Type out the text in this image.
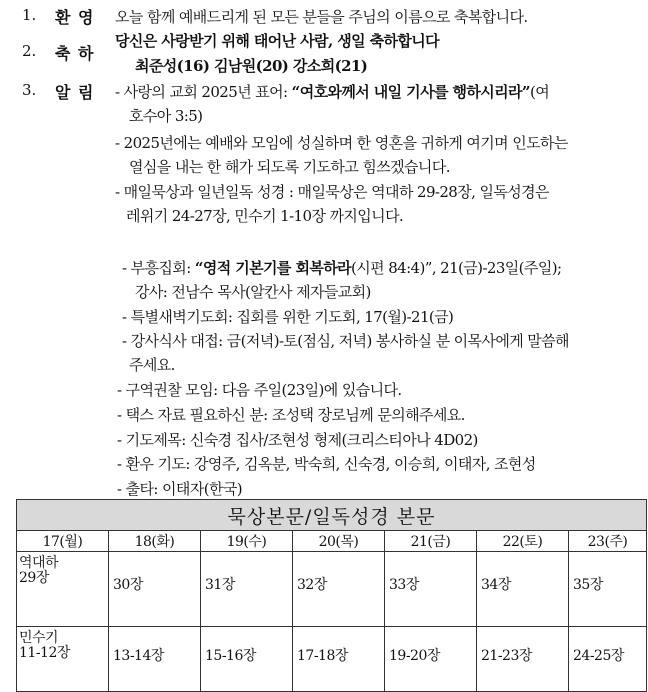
1. 환 영 오늘 함께 예배드리게 된 모든 분들을 주님의 이름으로 축복합니다.
2. 축 하
당신은 사랑받기 위해 태어난 사람, 생일 축하합니다
최준성(16) 김남원(20) 강소희(21)
3. 알 림 - 사랑의 교회 2025년 표어: “여호와께서 내일 기사를 행하시리라”(여
호수아 3:5)
- 2025년에는 예배와 모임에 성실하며 한 영혼을 귀하게 여기며 인도하는
열심을 내는 한 해가 되도록 기도하고 힘쓰겠습니다.
- 매일묵상과 일년일독 성경 : 매일묵상은 역대하 29-28장, 일독성경은
레위기 24-27장, 민수기 1-10장 까지입니다.
- 부흥집회: “영적 기본기를 회복하라(시편 84:4)”, 21(금)-23일(주일);
강사: 전남수 목사(알칸사 제자들교회)
- 특별새벽기도회: 집회를 위한 기도회, 17(월)-21(금)
- 강사식사 대접: 금(저녁)-토(점심, 저녁) 봉사하실 분 이목사에게 말씀해
주세요.
- 구역권찰 모임: 다음 주일(23일)에 있습니다.
- 택스 자료 필요하신 분: 조성택 장로님께 문의해주세요.
- 기도제목: 신숙경 집사/조현성 형제(크리스티아나 4D02)
- 환우 기도: 강영주, 김옥분, 박숙희, 신숙경, 이승희, 이태자, 조현성
- 출타: 이태자(한국)
묵상본문/일독성경 본문						
17(월)	18(화)	19(수)	20(목)	21(금)	22(토)	23(주)

역대하
29장	30장	31장	32장	33장	34장	35장

민수기
11-12장	13-14장	15-16장	17-18장	19-20장	21-23장	24-25장
